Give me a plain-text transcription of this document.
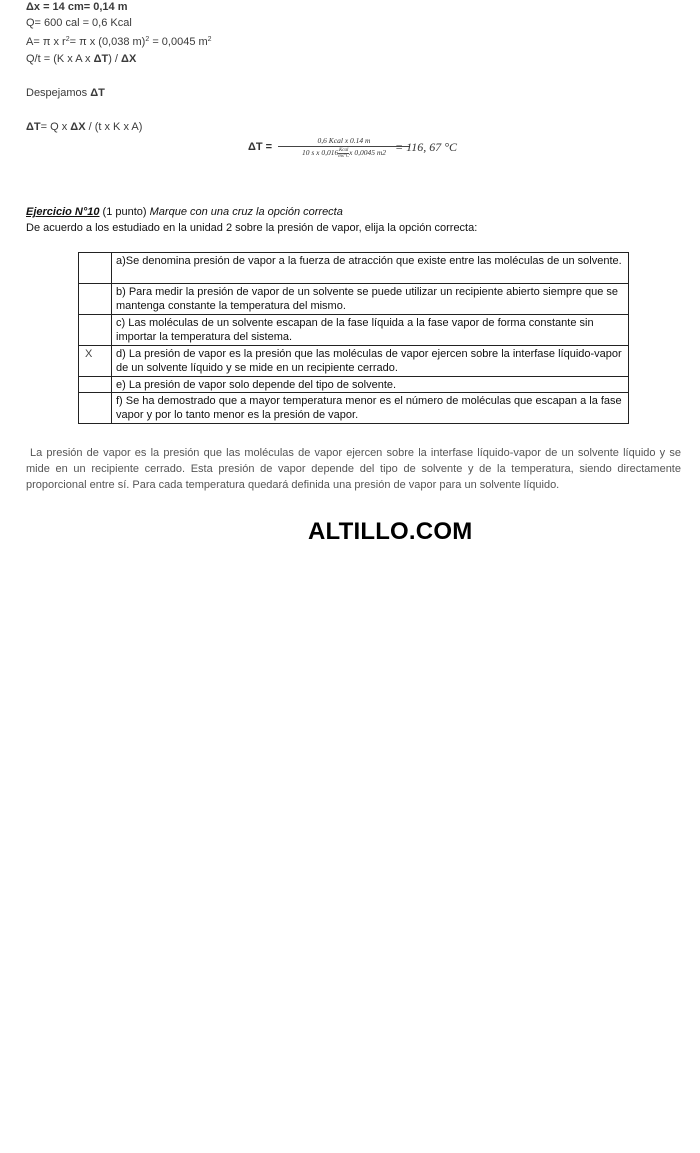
Δx = 14 cm= 0,14 m
Q= 600 cal = 0,6 Kcal
A= π x $r^2= \pi$ x (0,038 m)$^2$ = 0,0045 $m^2$
Q/t = (K x A x ΔT) / ΔX
Despejamos ΔT
ΔT= Q x ΔX / (t x K x A)
ΔT =
0,6 Kcal x 0.14 m
10 s x 0,016 Kcal
ms°C x 0,0045 m2 = 116, 67 °C
Ejercicio N°10 (1 punto) Marque con una cruz la opción correcta
De acuerdo a los estudiado en la unidad 2 sobre la presión de vapor, elija la opción correcta:
	a)Se denomina presión de vapor a la fuerza de atracción que existe entre las moléculas de un solvente.
	b) Para medir la presión de vapor de un solvente se puede utilizar un recipiente abierto siempre que se mantenga constante la temperatura del mismo.
	c) Las moléculas de un solvente escapan de la fase líquida a la fase vapor de forma constante sin importar la temperatura del sistema.
X	d) La presión de vapor es la presión que las moléculas de vapor ejercen sobre la interfase líquido-vapor de un solvente líquido y se mide en un recipiente cerrado.
	e) La presión de vapor solo depende del tipo de solvente.
	f) Se ha demostrado que a mayor temperatura menor es el número de moléculas que escapan a la fase vapor y por lo tanto menor es la presión de vapor.
La presión de vapor es la presión que las moléculas de vapor ejercen sobre la interfase líquido-vapor de un solvente líquido y se mide en un recipiente cerrado. Esta presión de vapor depende del tipo de solvente y de la temperatura, siendo directamente proporcional entre sí. Para cada temperatura quedará definida una presión de vapor para un solvente líquido.
ALTILLO.COM
